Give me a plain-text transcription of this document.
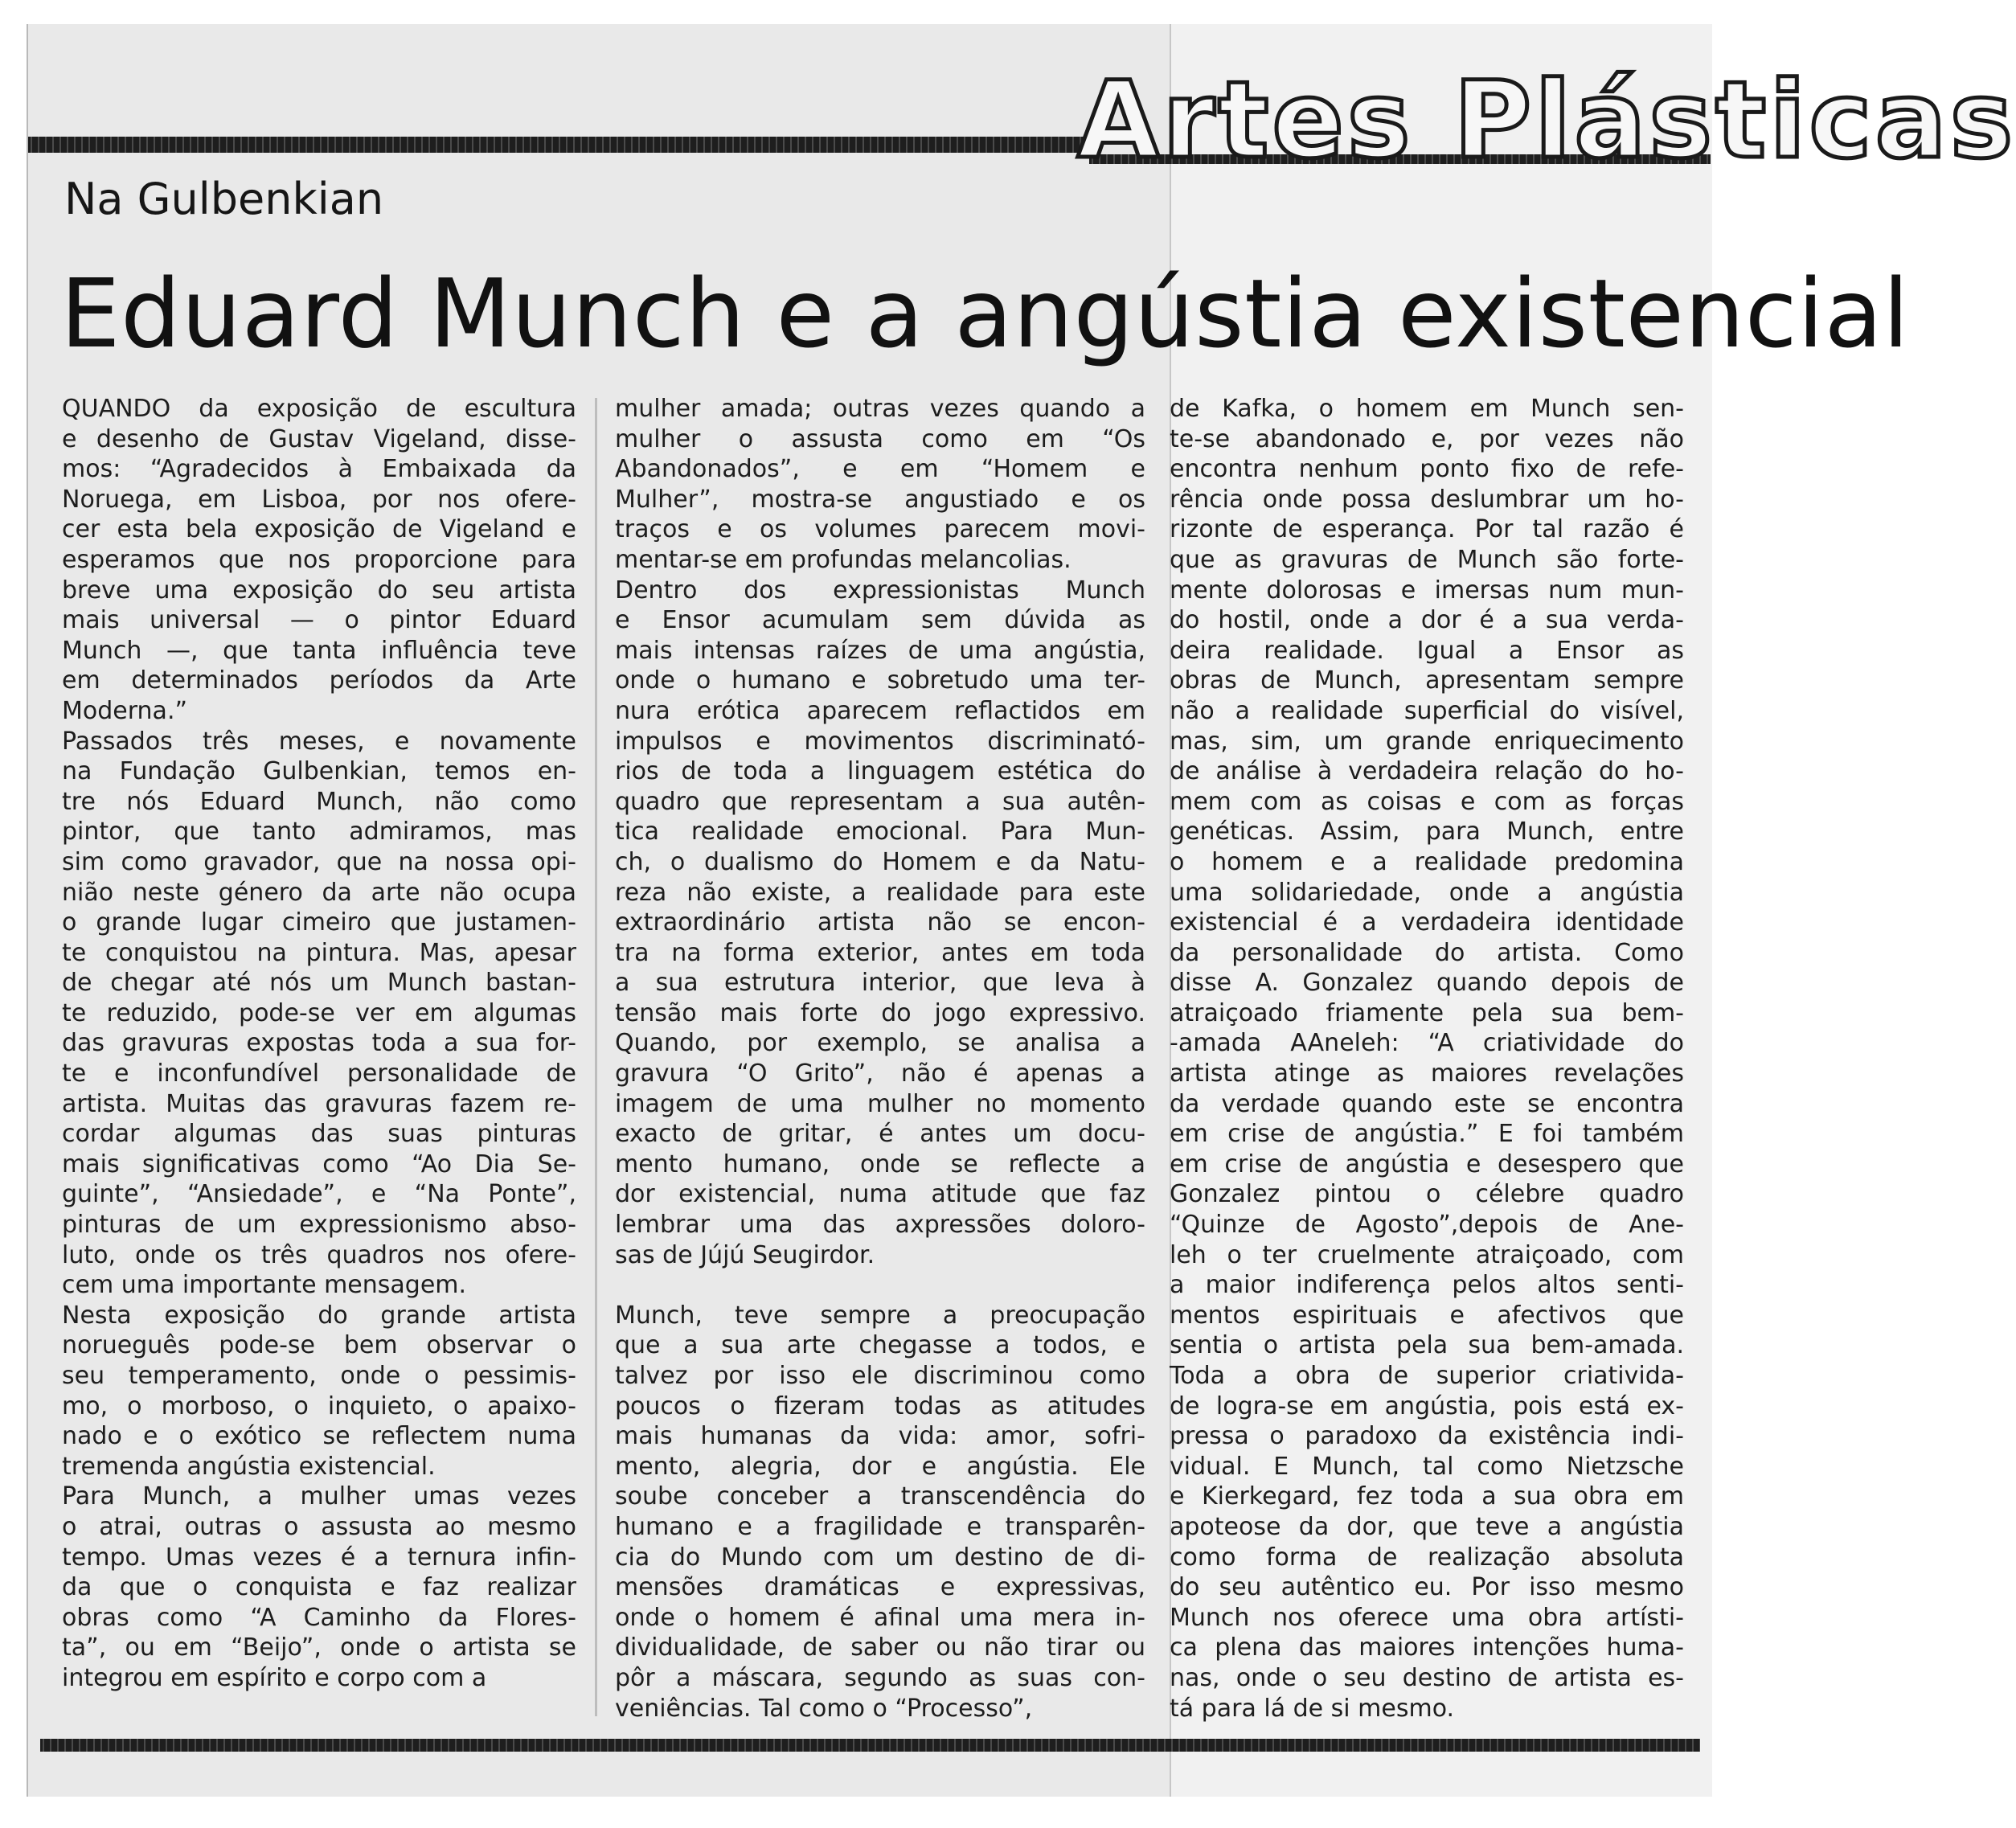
Artes Plásticas
Na Gulbenkian
Eduard Munch e a angústia existencial
QUANDO da exposição de escultura
e desenho de Gustav Vigeland, disse-
mos: “Agradecidos à Embaixada da
Noruega, em Lisboa, por nos ofere-
cer esta bela exposição de Vigeland e
esperamos que nos proporcione para
breve uma exposição do seu artista
mais universal — o pintor Eduard
Munch —, que tanta influência teve
em determinados períodos da Arte
Moderna.”
Passados três meses, e novamente
na Fundação Gulbenkian, temos en-
tre nós Eduard Munch, não como
pintor, que tanto admiramos, mas
sim como gravador, que na nossa opi-
nião neste género da arte não ocupa
o grande lugar cimeiro que justamen-
te conquistou na pintura. Mas, apesar
de chegar até nós um Munch bastan-
te reduzido, pode-se ver em algumas
das gravuras expostas toda a sua for-
te e inconfundível personalidade de
artista. Muitas das gravuras fazem re-
cordar algumas das suas pinturas
mais significativas como “Ao Dia Se-
guinte”, “Ansiedade”, e “Na Ponte”,
pinturas de um expressionismo abso-
luto, onde os três quadros nos ofere-
cem uma importante mensagem.
Nesta exposição do grande artista
norueguês pode-se bem observar o
seu temperamento, onde o pessimis-
mo, o morboso, o inquieto, o apaixo-
nado e o exótico se reflectem numa
tremenda angústia existencial.
Para Munch, a mulher umas vezes
o atrai, outras o assusta ao mesmo
tempo. Umas vezes é a ternura infin-
da que o conquista e faz realizar
obras como “A Caminho da Flores-
ta”, ou em “Beijo”, onde o artista se
integrou em espírito e corpo com a
mulher amada; outras vezes quando a
mulher o assusta como em “Os
Abandonados”, e em “Homem e
Mulher”, mostra-se angustiado e os
traços e os volumes parecem movi-
mentar-se em profundas melancolias.
Dentro dos expressionistas Munch
e Ensor acumulam sem dúvida as
mais intensas raízes de uma angústia,
onde o humano e sobretudo uma ter-
nura erótica aparecem reflactidos em
impulsos e movimentos discriminató-
rios de toda a linguagem estética do
quadro que representam a sua autên-
tica realidade emocional. Para Mun-
ch, o dualismo do Homem e da Natu-
reza não existe, a realidade para este
extraordinário artista não se encon-
tra na forma exterior, antes em toda
a sua estrutura interior, que leva à
tensão mais forte do jogo expressivo.
Quando, por exemplo, se analisa a
gravura “O Grito”, não é apenas a
imagem de uma mulher no momento
exacto de gritar, é antes um docu-
mento humano, onde se reflecte a
dor existencial, numa atitude que faz
lembrar uma das axpressões doloro-
sas de Jújú Seugirdor.
Munch, teve sempre a preocupação
que a sua arte chegasse a todos, e
talvez por isso ele discriminou como
poucos o fizeram todas as atitudes
mais humanas da vida: amor, sofri-
mento, alegria, dor e angústia. Ele
soube conceber a transcendência do
humano e a fragilidade e transparên-
cia do Mundo com um destino de di-
mensões dramáticas e expressivas,
onde o homem é afinal uma mera in-
dividualidade, de saber ou não tirar ou
pôr a máscara, segundo as suas con-
veniências. Tal como o “Processo”,
de Kafka, o homem em Munch sen-
te-se abandonado e, por vezes não
encontra nenhum ponto fixo de refe-
rência onde possa deslumbrar um ho-
rizonte de esperança. Por tal razão é
que as gravuras de Munch são forte-
mente dolorosas e imersas num mun-
do hostil, onde a dor é a sua verda-
deira realidade. Igual a Ensor as
obras de Munch, apresentam sempre
não a realidade superficial do visível,
mas, sim, um grande enriquecimento
de análise à verdadeira relação do ho-
mem com as coisas e com as forças
genéticas. Assim, para Munch, entre
o homem e a realidade predomina
uma solidariedade, onde a angústia
existencial é a verdadeira identidade
da personalidade do artista. Como
disse A. Gonzalez quando depois de
atraiçoado friamente pela sua bem-
-amada AAneleh: “A criatividade do
artista atinge as maiores revelações
da verdade quando este se encontra
em crise de angústia.” E foi também
em crise de angústia e desespero que
Gonzalez pintou o célebre quadro
“Quinze de Agosto”,depois de Ane-
leh o ter cruelmente atraiçoado, com
a maior indiferença pelos altos senti-
mentos espirituais e afectivos que
sentia o artista pela sua bem-amada.
Toda a obra de superior criativida-
de logra-se em angústia, pois está ex-
pressa o paradoxo da existência indi-
vidual. E Munch, tal como Nietzsche
e Kierkegard, fez toda a sua obra em
apoteose da dor, que teve a angústia
como forma de realização absoluta
do seu autêntico eu. Por isso mesmo
Munch nos oferece uma obra artísti-
ca plena das maiores intenções huma-
nas, onde o seu destino de artista es-
tá para lá de si mesmo.
